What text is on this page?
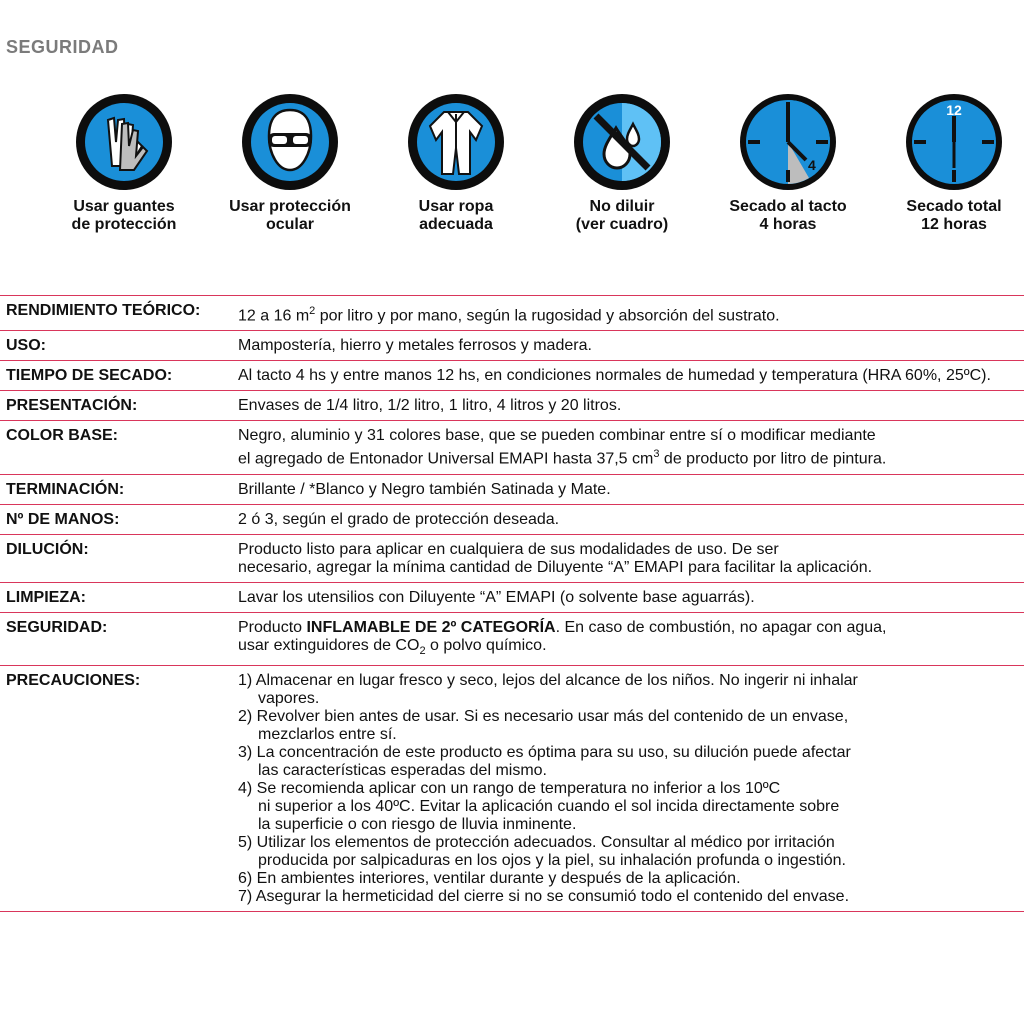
SEGURIDAD
Usar guantes
de protección
Usar protección
ocular
Usar ropa
adecuada
No diluir
(ver cuadro)
4
Secado al tacto
4 horas
12
Secado total
12 horas
RENDIMIENTO TEÓRICO:	12 a 16 $m^2$ por litro y por mano, según la rugosidad y absorción del sustrato.
USO:	Mampostería, hierro y metales ferrosos y madera.
TIEMPO DE SECADO:	Al tacto 4 hs y entre manos 12 hs, en condiciones normales de humedad y temperatura (HRA 60%, 25ºC).
PRESENTACIÓN:	Envases de 1/4 litro, 1/2 litro, 1 litro, 4 litros y 20 litros.
COLOR BASE:	Negro, aluminio y 31 colores base, que se pueden combinar entre sí o modificar mediante
el agregado de Entonador Universal EMAPI hasta 37,5 $cm^3$ de producto por litro de pintura.
TERMINACIÓN:	Brillante / *Blanco y Negro también Satinada y Mate.
Nº DE MANOS:	2 ó 3, según el grado de protección deseada.
DILUCIÓN:	Producto listo para aplicar en cualquiera de sus modalidades de uso. De ser
necesario, agregar la mínima cantidad de Diluyente “A” EMAPI para facilitar la aplicación.
LIMPIEZA:	Lavar los utensilios con Diluyente “A” EMAPI (o solvente base aguarrás).
SEGURIDAD:	Producto INFLAMABLE DE 2º CATEGORÍA. En caso de combustión, no apagar con agua,
usar extinguidores de $CO_2$ o polvo químico.
PRECAUCIONES:	1) Almacenar en lugar fresco y seco, lejos del alcance de los niños. No ingerir ni inhalar
vapores.
2) Revolver bien antes de usar. Si es necesario usar más del contenido de un envase,
mezclarlos entre sí.
3) La concentración de este producto es óptima para su uso, su dilución puede afectar
las características esperadas del mismo.
4) Se recomienda aplicar con un rango de temperatura no inferior a los 10ºC
ni superior a los 40ºC. Evitar la aplicación cuando el sol incida directamente sobre
la superficie o con riesgo de lluvia inminente.
5) Utilizar los elementos de protección adecuados. Consultar al médico por irritación
producida por salpicaduras en los ojos y la piel, su inhalación profunda o ingestión.
6) En ambientes interiores, ventilar durante y después de la aplicación.
7) Asegurar la hermeticidad del cierre si no se consumió todo el contenido del envase.
